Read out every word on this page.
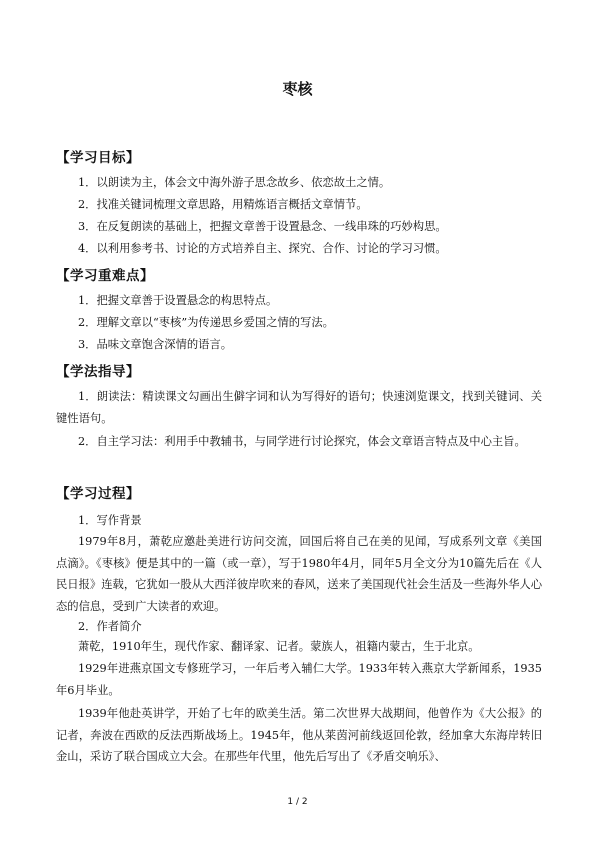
枣核
【学习目标】
1．以朗读为主，体会文中海外游子思念故乡、依恋故土之情。
2．找准关键词梳理文章思路，用精炼语言概括文章情节。
3．在反复朗读的基础上，把握文章善于设置悬念、一线串珠的巧妙构思。
4．以利用参考书、讨论的方式培养自主、探究、合作、讨论的学习习惯。
【学习重难点】
1．把握文章善于设置悬念的构思特点。
2．理解文章以“枣核”为传递思乡爱国之情的写法。
3．品味文章饱含深情的语言。
【学法指导】
1．朗读法：精读课文勾画出生僻字词和认为写得好的语句；快速浏览课文，找到关键词、关键性语句。
2．自主学习法：利用手中教辅书，与同学进行讨论探究，体会文章语言特点及中心主旨。
【学习过程】
1．写作背景
1979年8月，萧乾应邀赴美进行访问交流，回国后将自己在美的见闻，写成系列文章《美国点滴》。《枣核》便是其中的一篇（或一章），写于1980年4月，同年5月全文分为10篇先后在《人民日报》连载，它犹如一股从大西洋彼岸吹来的春风，送来了美国现代社会生活及一些海外华人心态的信息，受到广大读者的欢迎。
2．作者简介
萧乾，1910年生，现代作家、翻译家、记者。蒙族人，祖籍内蒙古，生于北京。
1929年进燕京国文专修班学习，一年后考入辅仁大学。1933年转入燕京大学新闻系，1935年6月毕业。
1939年他赴英讲学，开始了七年的欧美生活。第二次世界大战期间，他曾作为《大公报》的记者，奔波在西欧的反法西斯战场上。1945年，他从莱茵河前线返回伦敦，经加拿大东海岸转旧金山，采访了联合国成立大会。在那些年代里，他先后写出了《矛盾交响乐》、
1 / 2
